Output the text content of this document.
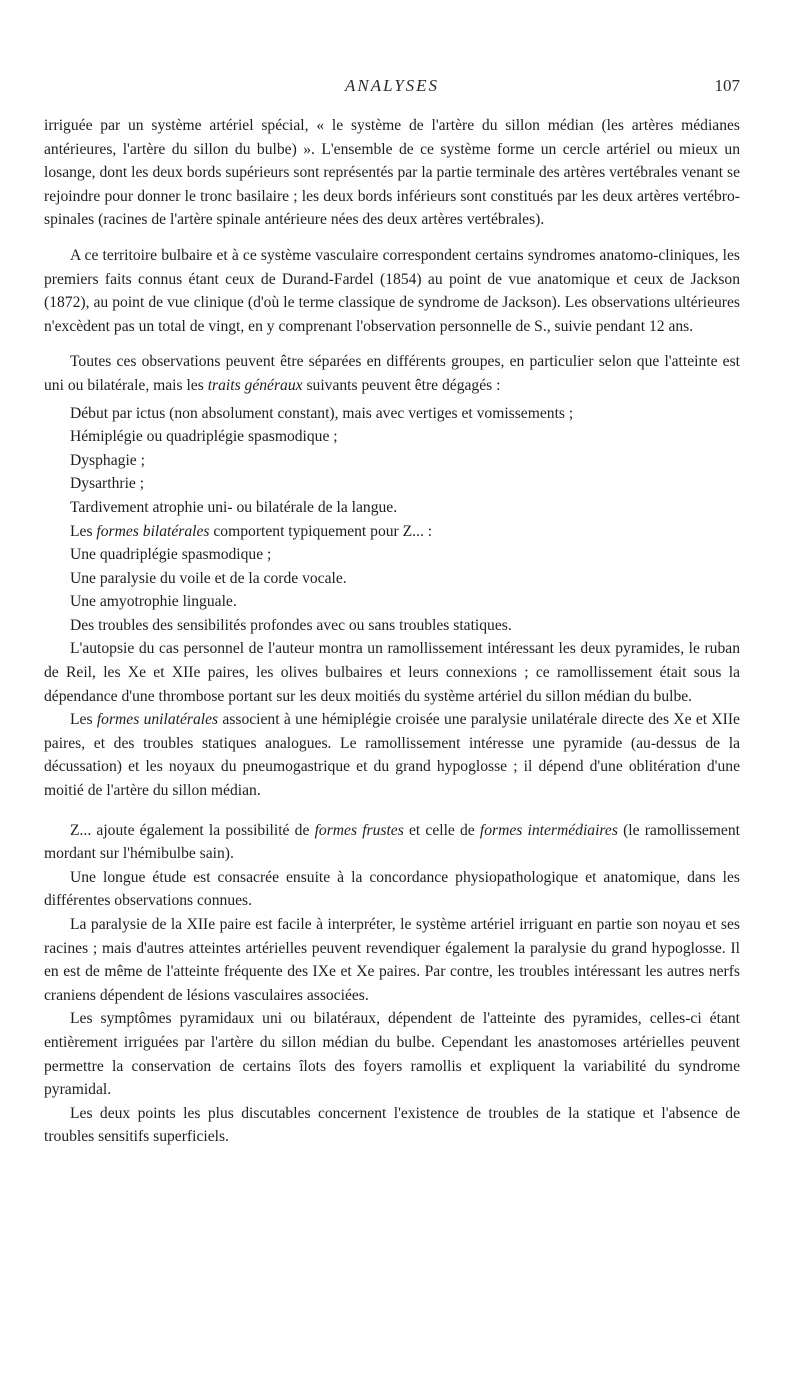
ANALYSES	107

irriguée par un système artériel spécial, « le système de l'artère du sillon médian (les artères médianes antérieures, l'artère du sillon du bulbe) ». L'ensemble de ce système forme un cercle artériel ou mieux un losange, dont les deux bords supérieurs sont représentés par la partie terminale des artères vertébrales venant se rejoindre pour donner le tronc basilaire ; les deux bords inférieurs sont constitués par les deux artères vertébro-spinales (racines de l'artère spinale antérieure nées des deux artères vertébrales).

A ce territoire bulbaire et à ce système vasculaire correspondent certains syndromes anatomo-cliniques, les premiers faits connus étant ceux de Durand-Fardel (1854) au point de vue anatomique et ceux de Jackson (1872), au point de vue clinique (d'où le terme classique de syndrome de Jackson). Les observations ultérieures n'excèdent pas un total de vingt, en y comprenant l'observation personnelle de S., suivie pendant 12 ans.

Toutes ces observations peuvent être séparées en différents groupes, en particulier selon que l'atteinte est uni ou bilatérale, mais les traits généraux suivants peuvent être dégagés :

Début par ictus (non absolument constant), mais avec vertiges et vomissements ;

Hémiplégie ou quadriplégie spasmodique ;

Dysphagie ;

Dysarthrie ;

Tardivement atrophie uni- ou bilatérale de la langue.

Les formes bilatérales comportent typiquement pour Z... :

Une quadriplégie spasmodique ;

Une paralysie du voile et de la corde vocale.

Une amyotrophie linguale.

Des troubles des sensibilités profondes avec ou sans troubles statiques.

L'autopsie du cas personnel de l'auteur montra un ramollissement intéressant les deux pyramides, le ruban de Reil, les Xe et XIIe paires, les olives bulbaires et leurs connexions ; ce ramollissement était sous la dépendance d'une thrombose portant sur les deux moitiés du système artériel du sillon médian du bulbe.

Les formes unilatérales associent à une hémiplégie croisée une paralysie unilatérale directe des Xe et XIIe paires, et des troubles statiques analogues. Le ramollissement intéresse une pyramide (au-dessus de la décussation) et les noyaux du pneumogastrique et du grand hypoglosse ; il dépend d'une oblitération d'une moitié de l'artère du sillon médian.

Z... ajoute également la possibilité de formes frustes et celle de formes intermédiaires (le ramollissement mordant sur l'hémibulbe sain).

Une longue étude est consacrée ensuite à la concordance physiopathologique et anatomique, dans les différentes observations connues.

La paralysie de la XIIe paire est facile à interpréter, le système artériel irriguant en partie son noyau et ses racines ; mais d'autres atteintes artérielles peuvent revendiquer également la paralysie du grand hypoglosse. Il en est de même de l'atteinte fréquente des IXe et Xe paires. Par contre, les troubles intéressant les autres nerfs craniens dépendent de lésions vasculaires associées.

Les symptômes pyramidaux uni ou bilatéraux, dépendent de l'atteinte des pyramides, celles-ci étant entièrement irriguées par l'artère du sillon médian du bulbe. Cependant les anastomoses artérielles peuvent permettre la conservation de certains îlots des foyers ramollis et expliquent la variabilité du syndrome pyramidal.

Les deux points les plus discutables concernent l'existence de troubles de la statique et l'absence de troubles sensitifs superficiels.
